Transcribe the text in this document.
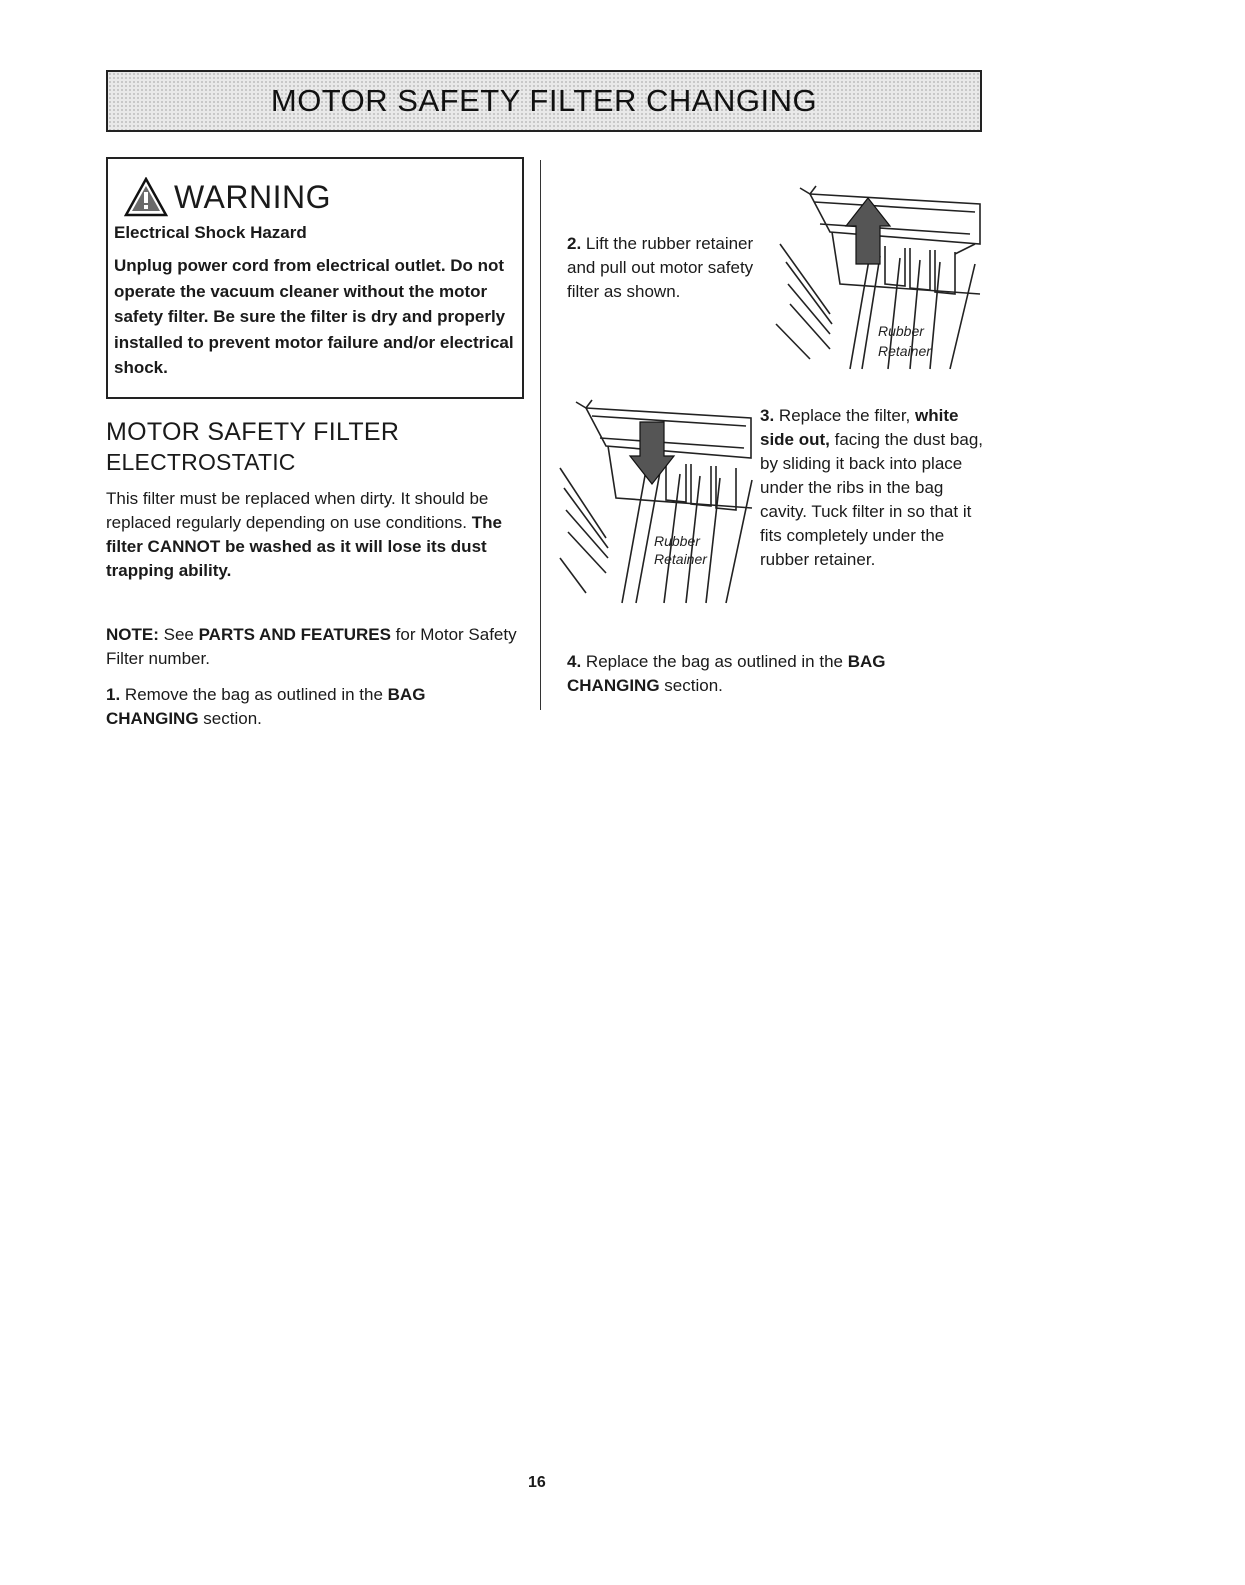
MOTOR SAFETY FILTER CHANGING
WARNING
Electrical Shock Hazard
Unplug power cord from electrical outlet. Do not operate the vacuum cleaner without the motor safety filter. Be sure the filter is dry and properly installed to prevent motor failure and/or electrical shock.
MOTOR SAFETY FILTER
ELECTROSTATIC
This filter must be replaced when dirty. It should be replaced regularly depending on use conditions. The filter CANNOT be washed as it will lose its dust trapping ability.
NOTE: See PARTS AND FEATURES for Motor Safety Filter number.
1. Remove the bag as outlined in the BAG CHANGING section.
2. Lift the rubber retainer and pull out motor safety filter as shown.
Rubber
Retainer
3. Replace the filter, white side out, facing the dust bag, by sliding it back into place under the ribs in the bag cavity. Tuck filter in so that it fits completely under the rubber retainer.
Rubber
Retainer
4. Replace the bag as outlined in the BAG CHANGING section.
16
